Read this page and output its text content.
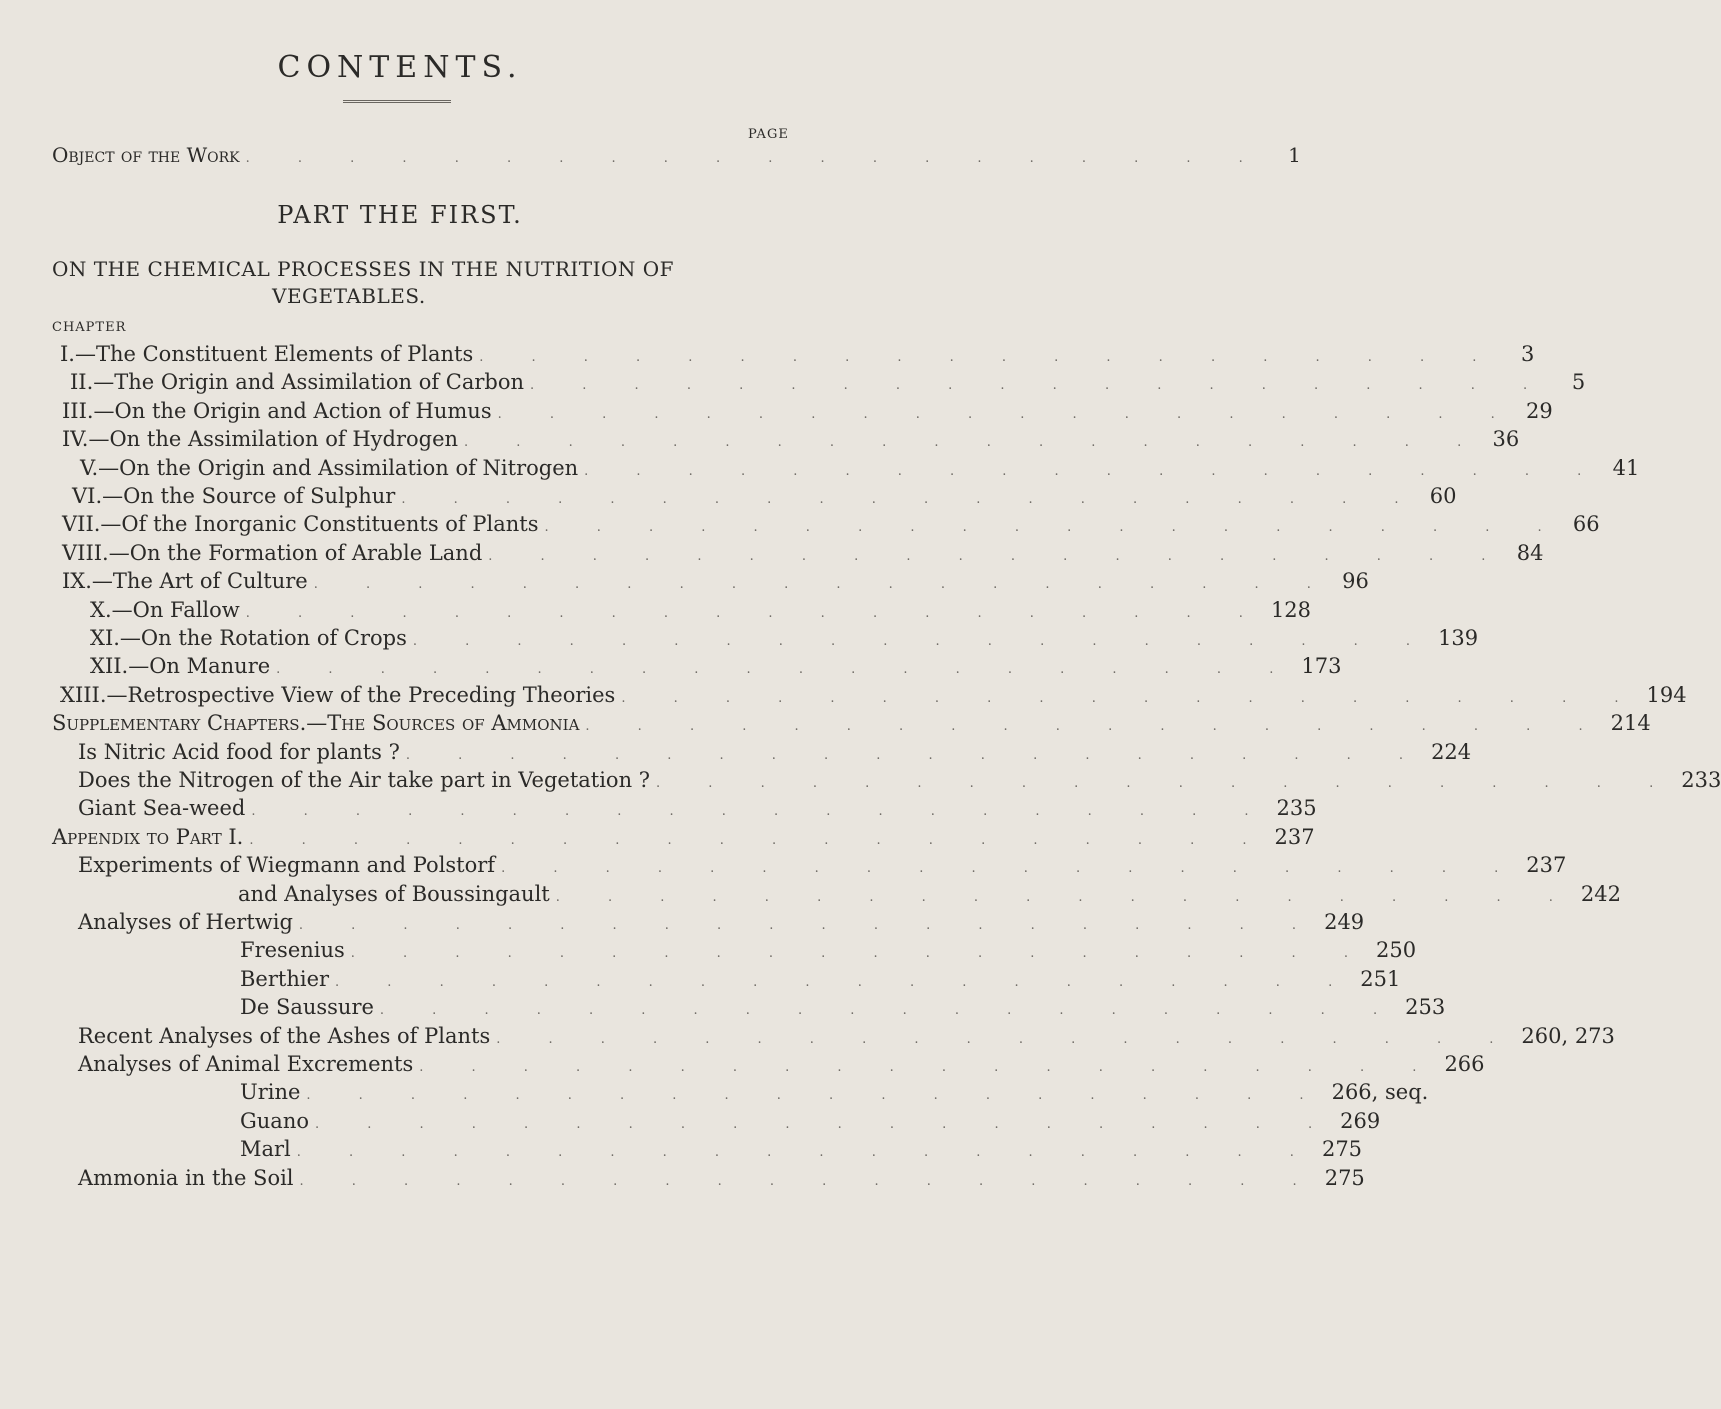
CONTENTS.
PAGE
Object of the Work . . . . . . . . . . . . . . . . . . . .	1
PART THE FIRST.
ON THE CHEMICAL PROCESSES IN THE NUTRITION OF
VEGETABLES.
CHAPTER
I.—The Constituent Elements of Plants . . . . . . . . . . . . . . . . . . . .	3
II.—The Origin and Assimilation of Carbon . . . . . . . . . . . . . . . . . . . .	5
III.—On the Origin and Action of Humus . . . . . . . . . . . . . . . . . . . . 29
IV.—On the Assimilation of Hydrogen . . . . . . . . . . . . . . . . . . . . 36
V.—On the Origin and Assimilation of Nitrogen . . . . . . . . . . . . . . . . . . . . 41
VI.—On the Source of Sulphur . . . . . . . . . . . . . . . . . . . . 60
VII.—Of the Inorganic Constituents of Plants . . . . . . . . . . . . . . . . . . . . 66
VIII.—On the Formation of Arable Land . . . . . . . . . . . . . . . . . . . . 84
IX.—The Art of Culture . . . . . . . . . . . . . . . . . . . . 96
X.—On Fallow . . . . . . . . . . . . . . . . . . . . 128
XI.—On the Rotation of Crops . . . . . . . . . . . . . . . . . . . . 139
XII.—On Manure . . . . . . . . . . . . . . . . . . . . 173
XIII.—Retrospective View of the Preceding Theories . . . . . . . . . . . . . . . . . . . . 194
Supplementary Chapters.—The Sources of Ammonia . . . . . . . . . . . . . . . . . . . . 214
Is Nitric Acid food for plants ? . . . . . . . . . . . . . . . . . . . . 224
Does the Nitrogen of the Air take part in Vegetation ? . . . . . . . . . . . . . . . . . . . . 233
Giant Sea-weed . . . . . . . . . . . . . . . . . . . . 235
Appendix to Part I. . . . . . . . . . . . . . . . . . . . . 237
Experiments of Wiegmann and Polstorf . . . . . . . . . . . . . . . . . . . . 237
and Analyses of Boussingault . . . . . . . . . . . . . . . . . . . . 242
Analyses of Hertwig . . . . . . . . . . . . . . . . . . . . 249
Fresenius . . . . . . . . . . . . . . . . . . . . 250
Berthier . . . . . . . . . . . . . . . . . . . . 251
De Saussure . . . . . . . . . . . . . . . . . . . . 253
Recent Analyses of the Ashes of Plants . . . . . . . . . . . . . . . . . . . . 260, 273
Analyses of Animal Excrements . . . . . . . . . . . . . . . . . . . . 266
Urine . . . . . . . . . . . . . . . . . . . . 266, seq.
Guano . . . . . . . . . . . . . . . . . . . . 269
Marl . . . . . . . . . . . . . . . . . . . . 275
Ammonia in the Soil . . . . . . . . . . . . . . . . . . . . 275
